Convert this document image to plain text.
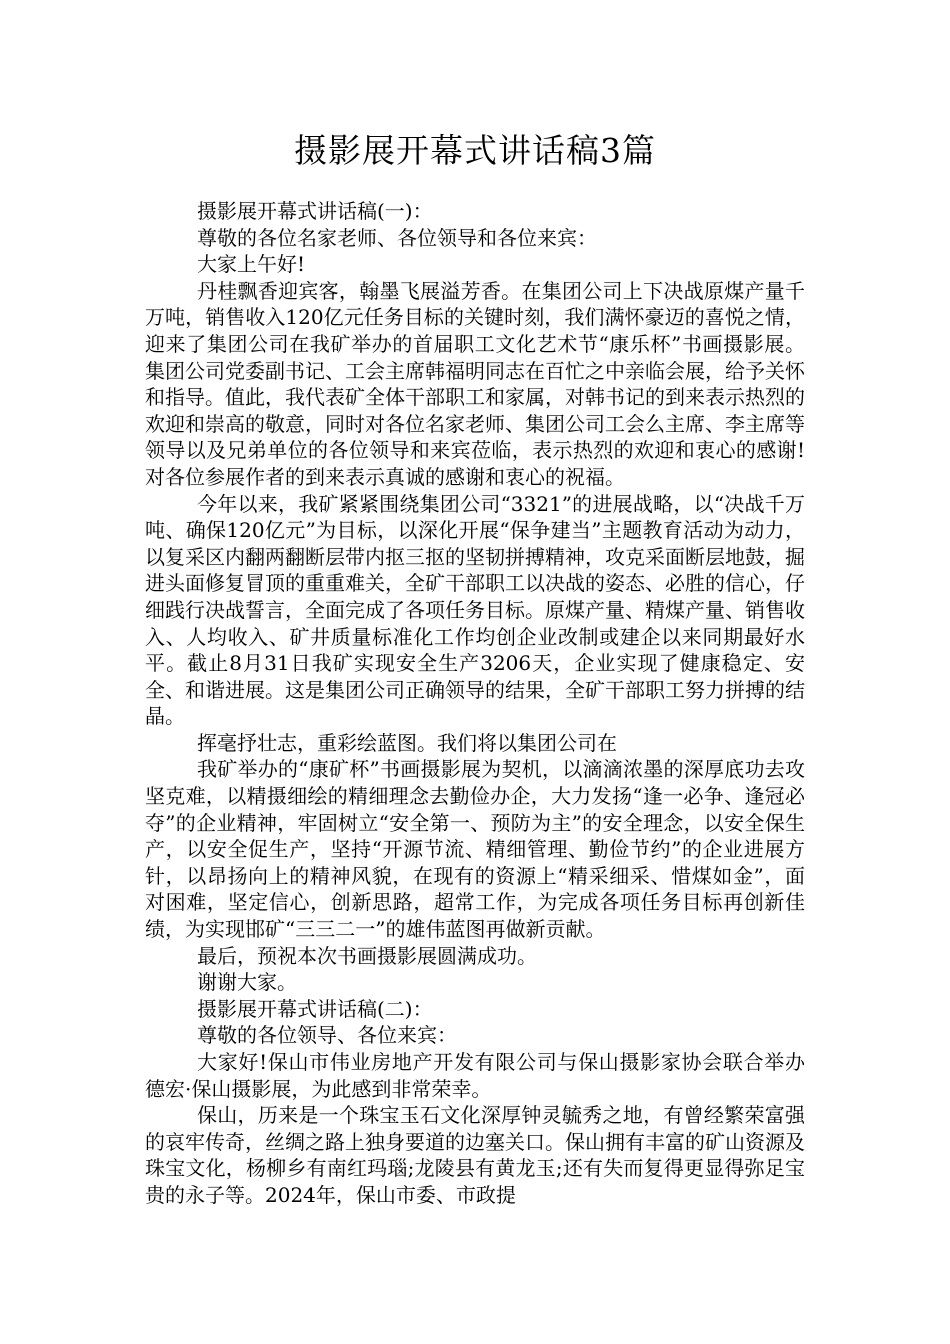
摄影展开幕式讲话稿3篇

摄影展开幕式讲话稿(一)：

尊敬的各位名家老师、各位领导和各位来宾：

大家上午好!

丹桂飘香迎宾客，翰墨飞展溢芳香。在集团公司上下决战原煤产量千万吨，销售收入120亿元任务目标的关键时刻，我们满怀豪迈的喜悦之情，迎来了集团公司在我矿举办的首届职工文化艺术节“康乐杯”书画摄影展。集团公司党委副书记、工会主席韩福明同志在百忙之中亲临会展，给予关怀和指导。值此，我代表矿全体干部职工和家属，对韩书记的到来表示热烈的欢迎和崇高的敬意，同时对各位名家老师、集团公司工会么主席、李主席等领导以及兄弟单位的各位领导和来宾莅临，表示热烈的欢迎和衷心的感谢!对各位参展作者的到来表示真诚的感谢和衷心的祝福。

今年以来，我矿紧紧围绕集团公司“3321”的进展战略，以“决战千万吨、确保120亿元”为目标，以深化开展“保争建当”主题教育活动为动力，以复采区内翻两翻断层带内抠三抠的坚韧拼搏精神，攻克采面断层地鼓，掘进头面修复冒顶的重重难关，全矿干部职工以决战的姿态、必胜的信心，仔细践行决战誓言，全面完成了各项任务目标。原煤产量、精煤产量、销售收入、人均收入、矿井质量标准化工作均创企业改制或建企以来同期最好水平。截止8月31日我矿实现安全生产3206天，企业实现了健康稳定、安全、和谐进展。这是集团公司正确领导的结果，全矿干部职工努力拼搏的结晶。

挥毫抒壮志，重彩绘蓝图。我们将以集团公司在

我矿举办的“康矿杯”书画摄影展为契机，以滴滴浓墨的深厚底功去攻坚克难，以精摄细绘的精细理念去勤俭办企，大力发扬“逢一必争、逢冠必夺”的企业精神，牢固树立“安全第一、预防为主”的安全理念，以安全保生产，以安全促生产，坚持“开源节流、精细管理、勤俭节约”的企业进展方针，以昂扬向上的精神风貌，在现有的资源上“精采细采、惜煤如金”，面对困难，坚定信心，创新思路，超常工作，为完成各项任务目标再创新佳绩，为实现邯矿“三三二一”的雄伟蓝图再做新贡献。

最后，预祝本次书画摄影展圆满成功。

谢谢大家。

摄影展开幕式讲话稿(二)：

尊敬的各位领导、各位来宾：

大家好!保山市伟业房地产开发有限公司与保山摄影家协会联合举办德宏·保山摄影展，为此感到非常荣幸。

保山，历来是一个珠宝玉石文化深厚钟灵毓秀之地，有曾经繁荣富强的哀牢传奇，丝绸之路上独身要道的边塞关口。保山拥有丰富的矿山资源及珠宝文化，杨柳乡有南红玛瑙;龙陵县有黄龙玉;还有失而复得更显得弥足宝贵的永子等。2024年，保山市委、市政提
